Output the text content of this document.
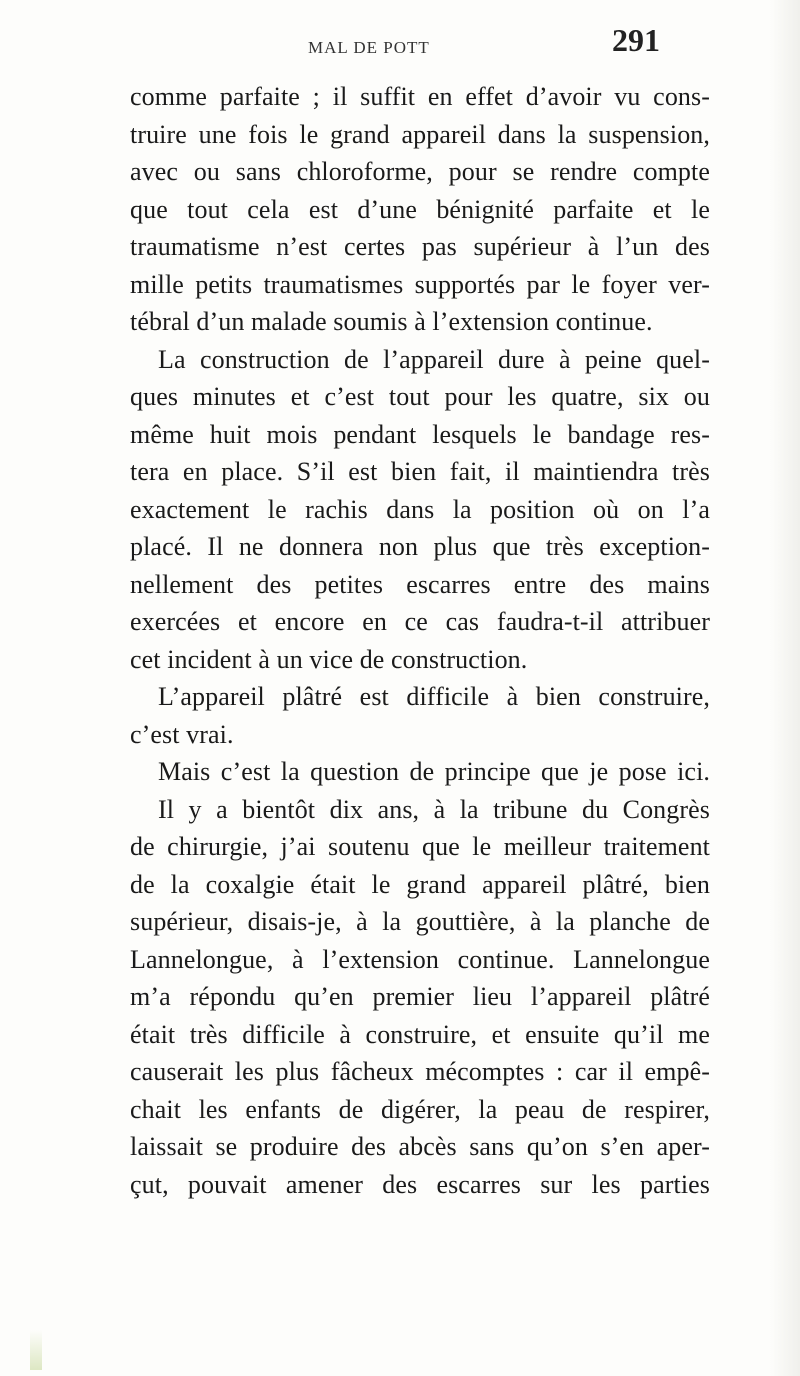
MAL DE POTT	291
comme parfaite ; il suffit en effet d’avoir vu cons-
truire une fois le grand appareil dans la suspension,
avec ou sans chloroforme, pour se rendre compte
que tout cela est d’une bénignité parfaite et le
traumatisme n’est certes pas supérieur à l’un des
mille petits traumatismes supportés par le foyer ver-
tébral d’un malade soumis à l’extension continue.
La construction de l’appareil dure à peine quel-
ques minutes et c’est tout pour les quatre, six ou
même huit mois pendant lesquels le bandage res-
tera en place. S’il est bien fait, il maintiendra très
exactement le rachis dans la position où on l’a
placé. Il ne donnera non plus que très exception-
nellement des petites escarres entre des mains
exercées et encore en ce cas faudra-t-il attribuer
cet incident à un vice de construction.
L’appareil plâtré est difficile à bien construire,
c’est vrai.
Mais c’est la question de principe que je pose ici.
Il y a bientôt dix ans, à la tribune du Congrès
de chirurgie, j’ai soutenu que le meilleur traitement
de la coxalgie était le grand appareil plâtré, bien
supérieur, disais-je, à la gouttière, à la planche de
Lannelongue, à l’extension continue. Lannelongue
m’a répondu qu’en premier lieu l’appareil plâtré
était très difficile à construire, et ensuite qu’il me
causerait les plus fâcheux mécomptes : car il empê-
chait les enfants de digérer, la peau de respirer,
laissait se produire des abcès sans qu’on s’en aper-
çut, pouvait amener des escarres sur les parties
